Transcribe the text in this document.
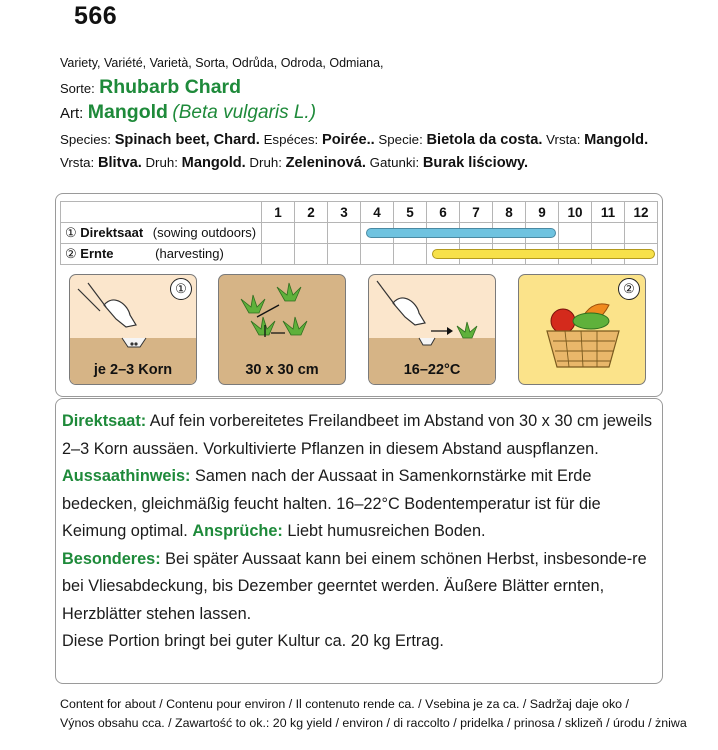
566
Variety, Variété, Varietà, Sorta, Odrůda, Odroda, Odmiana,
Sorte: Rhubarb Chard
Art: Mangold (Beta vulgaris L.)
Species: Spinach beet, Chard. Espéces: Poirée.. Specie: Bietola da costa. Vrsta: Mangold.
Vrsta: Blitva. Druh: Mangold. Druh: Zeleninová. Gatunki: Burak liściowy.
	1	2	3	4	5	6	7	8	9	10	11	12
① Direktsaat (sowing outdoors)												
② Ernte (harvesting)												
①
je 2–3 Korn	30 x 30 cm	16–22°C
②
Direktsaat: Auf fein vorbereitetes Freilandbeet im Abstand von 30 x 30 cm jeweils 2–3 Korn aussäen. Vorkultivierte Pflanzen in diesem Abstand auspflanzen.
Aussaathinweis: Samen nach der Aussaat in Samenkornstärke mit Erde bedecken, gleichmäßig feucht halten. 16–22°C Bodentemperatur ist für die Keimung optimal. Ansprüche: Liebt humusreichen Boden.
Besonderes: Bei später Aussaat kann bei einem schönen Herbst, insbesonde-re bei Vliesabdeckung, bis Dezember geerntet werden. Äußere Blätter ernten, Herzblätter stehen lassen.
Diese Portion bringt bei guter Kultur ca. 20 kg Ertrag.
Content for about / Contenu pour environ / Il contenuto rende ca. / Vsebina je za ca. / Sadržaj daje oko /
Výnos obsahu cca. / Zawartość to ok.: 20 kg yield / environ / di raccolto / pridelka / prinosa / sklizeň / úrodu / żniwa
